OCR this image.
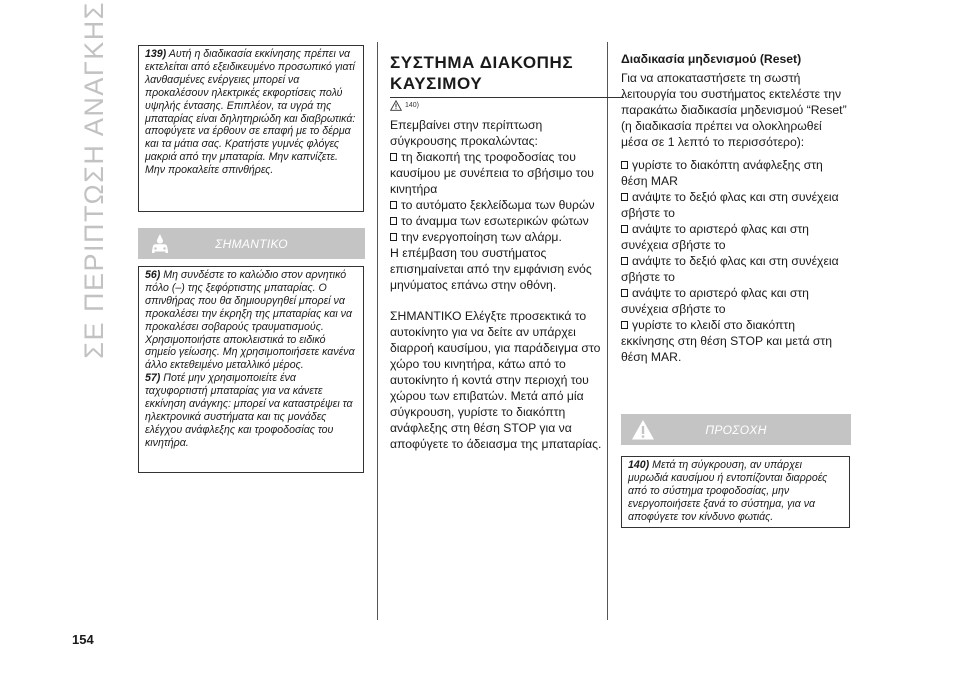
ΣΕ ΠΕΡΙΠΤΩΣΗ ΑΝΑΓΚΗΣ	139) Αυτή η διαδικασία εκκίνησης πρέπει να εκτελείται από εξειδικευμένο προσωπικό γιατί λανθασμένες ενέργειες μπορεί να προκαλέσουν ηλεκτρικές εκφορτίσεις πολύ υψηλής έντασης. Επιπλέον, τα υγρά της μπαταρίας είναι δηλητηριώδη και διαβρωτικά: αποφύγετε να έρθουν σε επαφή με το δέρμα και τα μάτια σας. Κρατήστε γυμνές φλόγες μακριά από την μπαταρία. Μην καπνίζετε. Μην προκαλείτε σπινθήρες.

ΣΗΜΑΝΤΙΚΟ

56) Μη συνδέστε το καλώδιο στον αρνητικό πόλο (–) της ξεφόρτιστης μπαταρίας. Ο σπινθήρας που θα δημιουργηθεί μπορεί να προκαλέσει την έκρηξη της μπαταρίας και να προκαλέσει σοβαρούς τραυματισμούς. Χρησιμοποιήστε αποκλειστικά το ειδικό σημείο γείωσης. Μη χρησιμοποιήσετε κανένα άλλο εκτεθειμένο μεταλλικό μέρος.

57) Ποτέ μην χρησιμοποιείτε ένα ταχυφορτιστή μπαταρίας για να κάνετε εκκίνηση ανάγκης: μπορεί να καταστρέψει τα ηλεκτρονικά συστήματα και τις μονάδες ελέγχου ανάφλεξης και τροφοδοσίας του κινητήρα.

ΣΥΣΤΗΜΑ ΔΙΑΚΟΠΗΣ
ΚΑΥΣΙΜΟΥ
140)

Επεμβαίνει στην περίπτωση σύγκρουσης προκαλώντας:

τη διακοπή της τροφοδοσίας του καυσίμου με συνέπεια το σβήσιμο του κινητήρα

το αυτόματο ξεκλείδωμα των θυρών

το άναμμα των εσωτερικών φώτων

την ενεργοποίηση των αλάρμ.

Η επέμβαση του συστήματος επισημαίνεται από την εμφάνιση ενός μηνύματος επάνω στην οθόνη.

ΣΗΜΑΝΤΙΚΟ Ελέγξτε προσεκτικά το αυτοκίνητο για να δείτε αν υπάρχει διαρροή καυσίμου, για παράδειγμα στο χώρο του κινητήρα, κάτω από το αυτοκίνητο ή κοντά στην περιοχή του χώρου των επιβατών. Μετά από μία σύγκρουση, γυρίστε το διακόπτη ανάφλεξης στη θέση STOP για να αποφύγετε το άδειασμα της μπαταρίας.

Διαδικασία μηδενισμού (Reset)

Για να αποκαταστήσετε τη σωστή λειτουργία του συστήματος εκτελέστε την παρακάτω διαδικασία μηδενισμού “Reset” (η διαδικασία πρέπει να ολοκληρωθεί μέσα σε 1 λεπτό το περισσότερο):

γυρίστε το διακόπτη ανάφλεξης στη θέση MAR

ανάψτε το δεξιό φλας και στη συνέχεια σβήστε το

ανάψτε το αριστερό φλας και στη συνέχεια σβήστε το

ανάψτε το δεξιό φλας και στη συνέχεια σβήστε το

ανάψτε το αριστερό φλας και στη συνέχεια σβήστε το

γυρίστε το κλειδί στο διακόπτη εκκίνησης στη θέση STOP και μετά στη θέση MAR.

ΠΡΟΣΟΧΗ

140) Μετά τη σύγκρουση, αν υπάρχει μυρωδιά καυσίμου ή εντοπίζονται διαρροές από το σύστημα τροφοδοσίας, μην ενεργοποιήσετε ξανά το σύστημα, για να αποφύγετε τον κίνδυνο φωτιάς.

154
